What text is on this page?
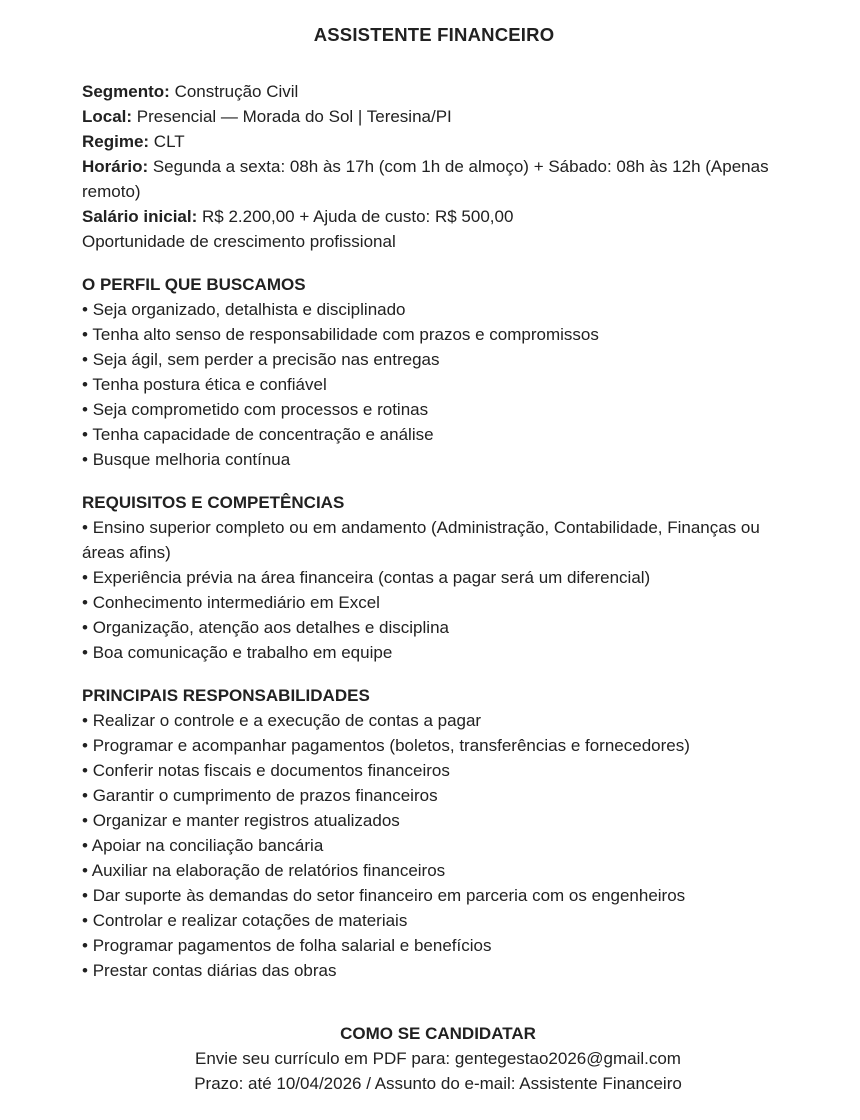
ASSISTENTE FINANCEIRO

Segmento: Construção Civil

Local: Presencial — Morada do Sol | Teresina/PI

Regime: CLT

Horário: Segunda a sexta: 08h às 17h (com 1h de almoço) + Sábado: 08h às 12h (Apenas remoto)

Salário inicial: R$ 2.200,00 + Ajuda de custo: R$ 500,00

Oportunidade de crescimento profissional

O PERFIL QUE BUSCAMOS

• Seja organizado, detalhista e disciplinado

• Tenha alto senso de responsabilidade com prazos e compromissos

• Seja ágil, sem perder a precisão nas entregas

• Tenha postura ética e confiável

• Seja comprometido com processos e rotinas

• Tenha capacidade de concentração e análise

• Busque melhoria contínua

REQUISITOS E COMPETÊNCIAS

• Ensino superior completo ou em andamento (Administração, Contabilidade, Finanças ou áreas afins)

• Experiência prévia na área financeira (contas a pagar será um diferencial)

• Conhecimento intermediário em Excel

• Organização, atenção aos detalhes e disciplina

• Boa comunicação e trabalho em equipe

PRINCIPAIS RESPONSABILIDADES

• Realizar o controle e a execução de contas a pagar

• Programar e acompanhar pagamentos (boletos, transferências e fornecedores)

• Conferir notas fiscais e documentos financeiros

• Garantir o cumprimento de prazos financeiros

• Organizar e manter registros atualizados

• Apoiar na conciliação bancária

• Auxiliar na elaboração de relatórios financeiros

• Dar suporte às demandas do setor financeiro em parceria com os engenheiros

• Controlar e realizar cotações de materiais

• Programar pagamentos de folha salarial e benefícios

• Prestar contas diárias das obras

COMO SE CANDIDATAR

Envie seu currículo em PDF para: gentegestao2026@gmail.com

Prazo: até 10/04/2026 / Assunto do e-mail: Assistente Financeiro
